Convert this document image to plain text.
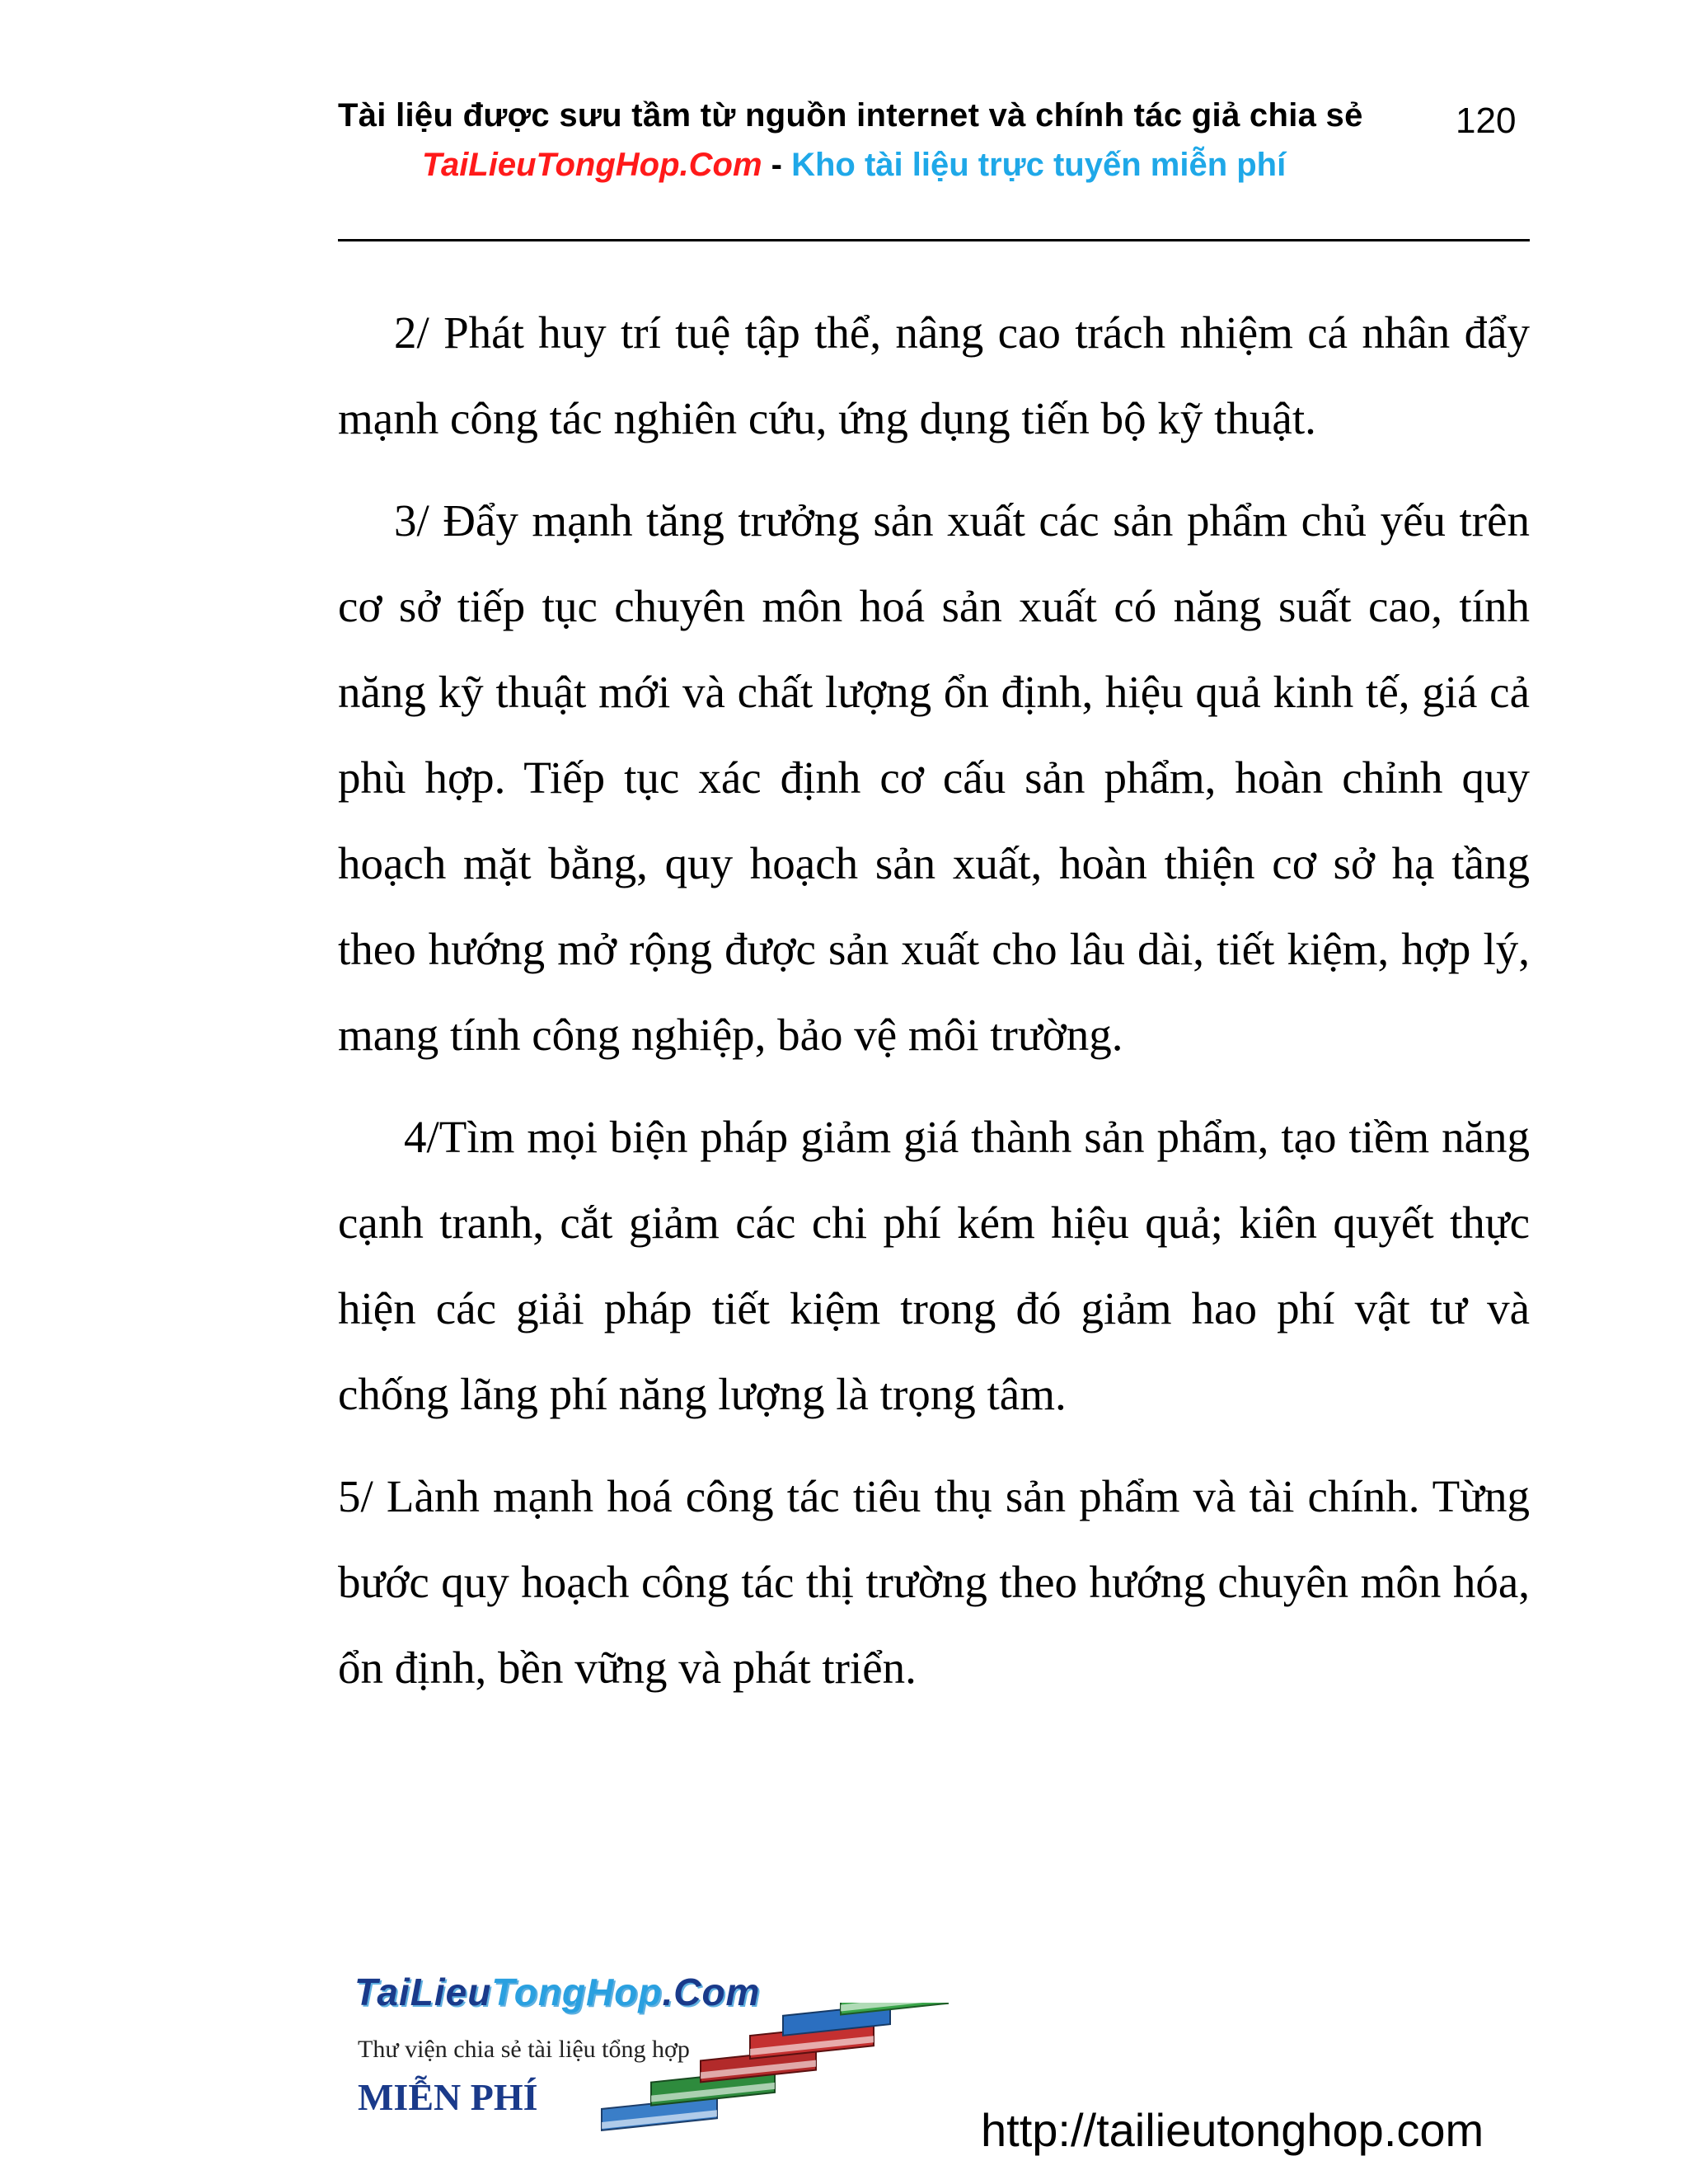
Tài liệu được sưu tầm từ nguồn internet và chính tác giả chia sẻ	120
TaiLieuTongHop.Com - Kho tài liệu trực tuyến miễn phí

2/ Phát huy trí tuệ tập thể, nâng cao trách nhiệm cá nhân đẩy mạnh công tác nghiên cứu, ứng dụng tiến bộ kỹ thuật.

3/ Đẩy mạnh tăng trưởng sản xuất các sản phẩm chủ yếu trên cơ sở tiếp tục chuyên môn hoá sản xuất có năng suất cao, tính năng kỹ thuật mới và chất lượng ổn định, hiệu quả kinh tế, giá cả phù hợp. Tiếp tục xác định cơ cấu sản phẩm, hoàn chỉnh quy hoạch mặt bằng, quy hoạch sản xuất, hoàn thiện cơ sở hạ tầng theo hướng mở rộng được sản xuất cho lâu dài, tiết kiệm, hợp lý, mang tính công nghiệp, bảo vệ môi trường.

4/Tìm mọi biện pháp giảm giá thành sản phẩm, tạo tiềm năng cạnh tranh, cắt giảm các chi phí kém hiệu quả; kiên quyết thực hiện các giải pháp tiết kiệm trong đó giảm hao phí vật tư và chống lãng phí năng lượng là trọng tâm.

5/ Lành mạnh hoá công tác tiêu thụ sản phẩm và tài chính. Từng bước quy hoạch công tác thị trường theo hướng chuyên môn hóa, ổn định, bền vững và phát triển.

TaiLieuTongHop.Com
Thư viện chia sẻ tài liệu tổng hợp
MIỄN PHÍ
http://tailieutonghop.com
